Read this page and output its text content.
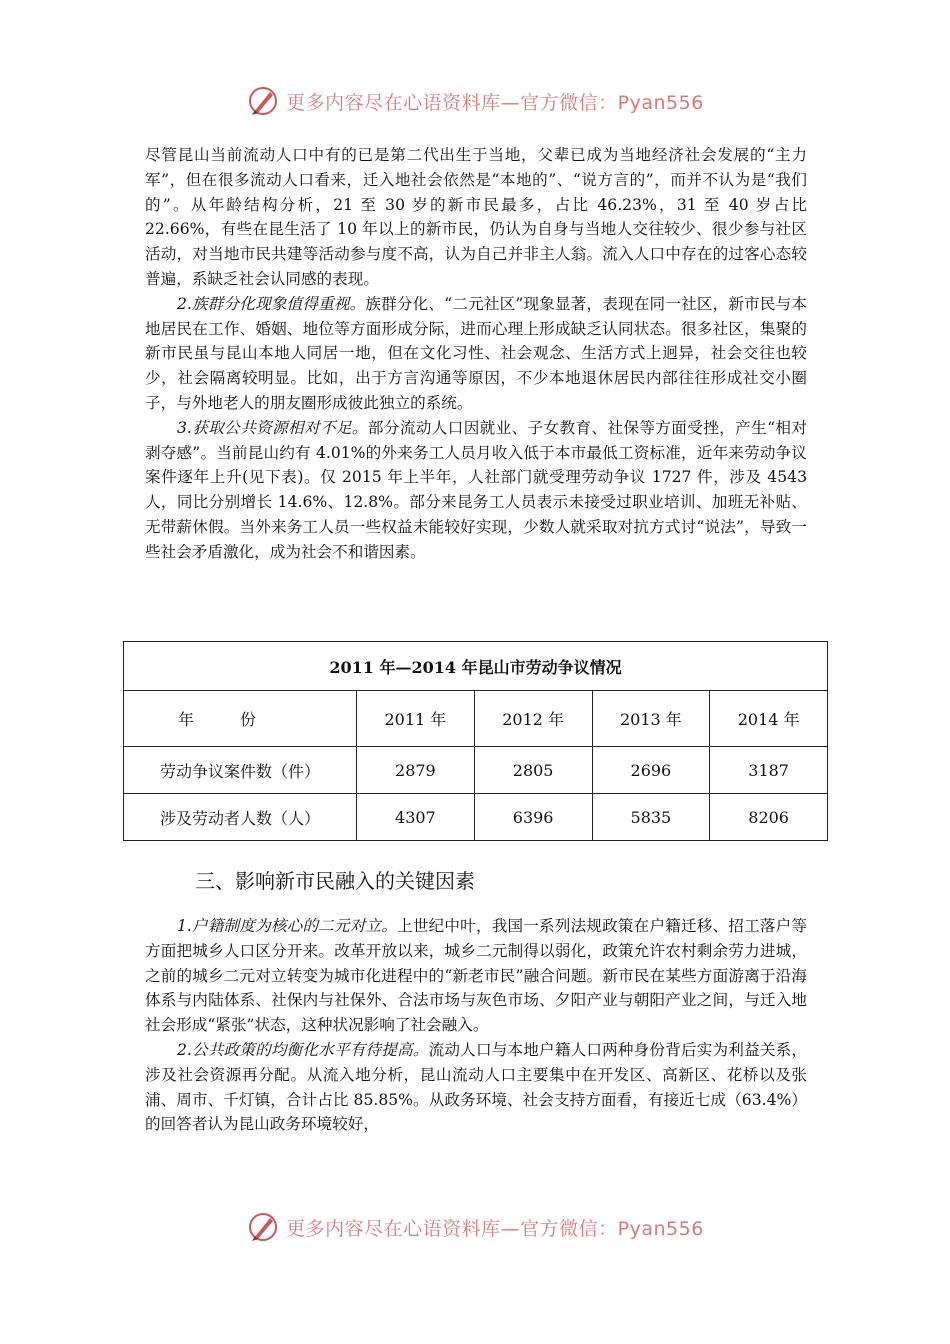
更多内容尽在心语资料库—官方微信：Pyan556

尽管昆山当前流动人口中有的已是第二代出生于当地，父辈已成为当地经济社会发展的“主力军”，但在很多流动人口看来，迁入地社会依然是“本地的”、“说方言的”，而并不认为是“我们的”。从年龄结构分析，21 至 30 岁的新市民最多，占比 46.23%，31 至 40 岁占比 22.66%，有些在昆生活了 10 年以上的新市民，仍认为自身与当地人交往较少、很少参与社区活动，对当地市民共建等活动参与度不高，认为自己并非主人翁。流入人口中存在的过客心态较普遍，系缺乏社会认同感的表现。

2.族群分化现象值得重视。族群分化、“二元社区”现象显著，表现在同一社区，新市民与本地居民在工作、婚姻、地位等方面形成分际，进而心理上形成缺乏认同状态。很多社区，集聚的新市民虽与昆山本地人同居一地，但在文化习性、社会观念、生活方式上迥异，社会交往也较少，社会隔离较明显。比如，出于方言沟通等原因，不少本地退休居民内部往往形成社交小圈子，与外地老人的朋友圈形成彼此独立的系统。

3.获取公共资源相对不足。部分流动人口因就业、子女教育、社保等方面受挫，产生“相对剥夺感”。当前昆山约有 4.01%的外来务工人员月收入低于本市最低工资标准，近年来劳动争议案件逐年上升(见下表)。仅 2015 年上半年，人社部门就受理劳动争议 1727 件，涉及 4543 人，同比分别增长 14.6%、12.8%。部分来昆务工人员表示未接受过职业培训、加班无补贴、无带薪休假。当外来务工人员一些权益未能较好实现，少数人就采取对抗方式讨“说法”，导致一些社会矛盾激化，成为社会不和谐因素。

2011 年—2014 年昆山市劳动争议情况				
年份	2011 年	2012 年	2013 年	2014 年
劳动争议案件数（件）	2879	2805	2696	3187
涉及劳动者人数（人）	4307	6396	5835	8206
三、影响新市民融入的关键因素

1.户籍制度为核心的二元对立。上世纪中叶，我国一系列法规政策在户籍迁移、招工落户等方面把城乡人口区分开来。改革开放以来，城乡二元制得以弱化，政策允许农村剩余劳力进城，之前的城乡二元对立转变为城市化进程中的“新老市民”融合问题。新市民在某些方面游离于沿海体系与内陆体系、社保内与社保外、合法市场与灰色市场、夕阳产业与朝阳产业之间，与迁入地社会形成“紧张”状态，这种状况影响了社会融入。

2.公共政策的均衡化水平有待提高。流动人口与本地户籍人口两种身份背后实为利益关系，涉及社会资源再分配。从流入地分析，昆山流动人口主要集中在开发区、高新区、花桥以及张浦、周市、千灯镇，合计占比 85.85%。从政务环境、社会支持方面看，有接近七成（63.4%）的回答者认为昆山政务环境较好，

更多内容尽在心语资料库—官方微信：Pyan556
